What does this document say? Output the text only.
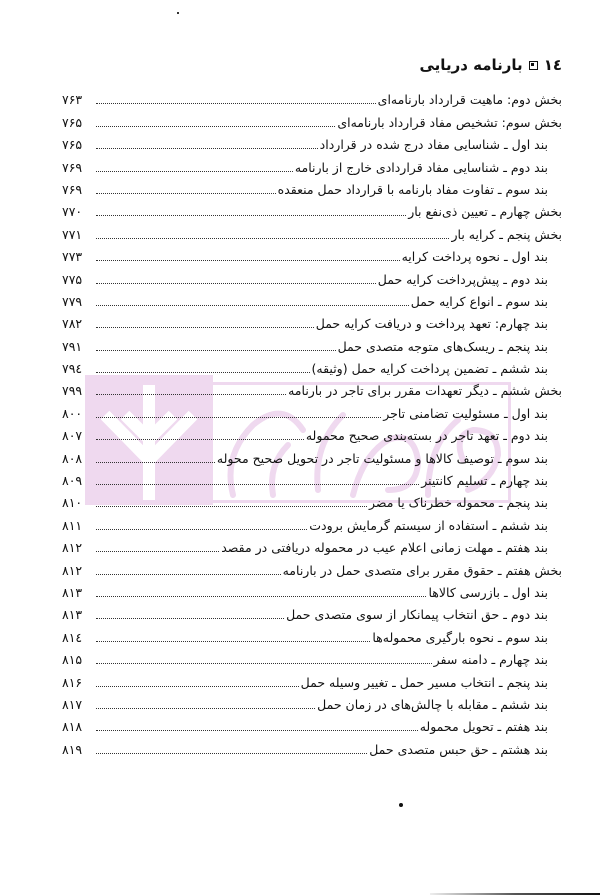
۱٤
بارنامه دریایی
بخش دوم: ماهیت قرارداد بارنامه‌ای
۷۶۳
بخش سوم: تشخیص مفاد قرارداد بارنامه‌ای
۷۶۵
بند اول ـ شناسایی مفاد درج شده در قرارداد
۷۶۵
بند دوم ـ شناسایی مفاد قراردادی خارج از بارنامه
۷۶۹
بند سوم ـ تفاوت مفاد بارنامه با قرارداد حمل منعقده
۷۶۹
بخش چهارم ـ تعیین ذی‌نفع بار
۷۷۰
بخش پنجم ـ کرایه بار
۷۷۱
بند اول ـ نحوه پرداخت کرایه
۷۷۳
بند دوم ـ پیش‌پرداخت کرایه حمل
۷۷۵
بند سوم ـ انواع کرایه حمل
۷۷۹
بند چهارم: تعهد پرداخت و دریافت کرایه حمل
۷۸۲
بند پنجم ـ ریسک‌های متوجه متصدی حمل
۷۹۱
بند ششم ـ تضمین پرداخت کرایه حمل (وثیقه)
۷۹٤
بخش ششم ـ دیگر تعهدات مقرر برای تاجر در بارنامه
۷۹۹
بند اول ـ مسئولیت تضامنی تاجر
۸۰۰
بند دوم ـ تعهد تاجر در بسته‌بندی صحیح محموله
۸۰۷
بند سوم ـ توصیف کالاها و مسئولیت تاجر در تحویل صحیح محوله
۸۰۸
بند چهارم ـ تسلیم کانتینر
۸۰۹
بند پنجم ـ محموله خطرناک یا مضر
۸۱۰
بند ششم ـ استفاده از سیستم گرمایش برودت
۸۱۱
بند هفتم ـ مهلت زمانی اعلام عیب در محموله دریافتی در مقصد
۸۱۲
بخش هفتم ـ حقوق مقرر برای متصدی حمل در بارنامه
۸۱۲
بند اول ـ بازرسی کالاها
۸۱۳
بند دوم ـ حق انتخاب پیمانکار از سوی متصدی حمل
۸۱۳
بند سوم ـ نحوه بارگیری محموله‌ها
۸۱٤
بند چهارم ـ دامنه سفر
۸۱۵
بند پنجم ـ انتخاب مسیر حمل ـ تغییر وسیله حمل
۸۱۶
بند ششم ـ مقابله با چالش‌های در زمان حمل
۸۱۷
بند هفتم ـ تحویل محموله
۸۱۸
بند هشتم ـ حق حبس متصدی حمل
۸۱۹
